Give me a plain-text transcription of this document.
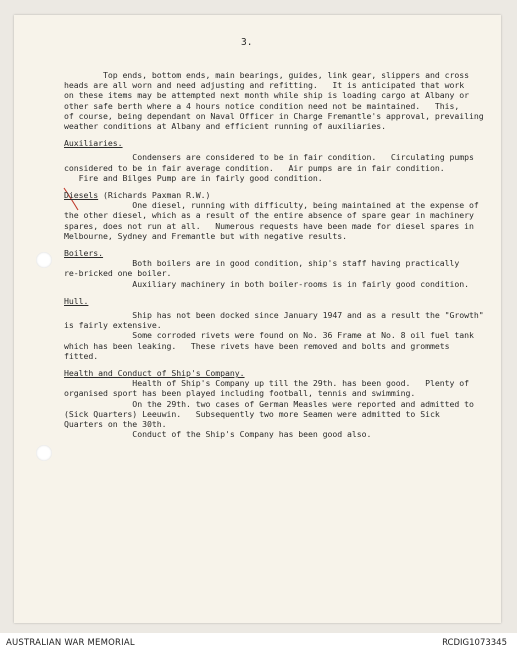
3.
Top ends, bottom ends, main bearings, guides, link gear, slippers and cross
heads are all worn and need adjusting and refitting.   It is anticipated that work
on these items may be attempted next month while ship is loading cargo at Albany or
other safe berth where a 4 hours notice condition need not be maintained.   This,
of course, being dependant on Naval Officer in Charge Fremantle's approval, prevailing
weather conditions at Albany and efficient running of auxiliaries.
Auxiliaries.
Condensers are considered to be in fair condition.   Circulating pumps
considered to be in fair average condition.   Air pumps are in fair condition.
Fire and Bilges Pump are in fairly good condition.
Diesels (Richards Paxman R.W.)
One diesel, running with difficulty, being maintained at the expense of
the other diesel, which as a result of the entire absence of spare gear in machinery
spares, does not run at all.   Numerous requests have been made for diesel spares in
Melbourne, Sydney and Fremantle but with negative results.
Boilers.
Both boilers are in good condition, ship's staff having practically
re-bricked one boiler.
Auxiliary machinery in both boiler-rooms is in fairly good condition.
Hull.
Ship has not been docked since January 1947 and as a result the "Growth"
is fairly extensive.
Some corroded rivets were found on No. 36 Frame at No. 8 oil fuel tank
which has been leaking.   These rivets have been removed and bolts and grommets
fitted.
Health and Conduct of Ship's Company.
Health of Ship's Company up till the 29th. has been good.   Plenty of
organised sport has been played including football, tennis and swimming.
On the 29th. two cases of German Measles were reported and admitted to
(Sick Quarters) Leeuwin.   Subsequently two more Seamen were admitted to Sick
Quarters on the 30th.
Conduct of the Ship's Company has been good also.
AUSTRALIAN WAR MEMORIAL	RCDIG1073345
